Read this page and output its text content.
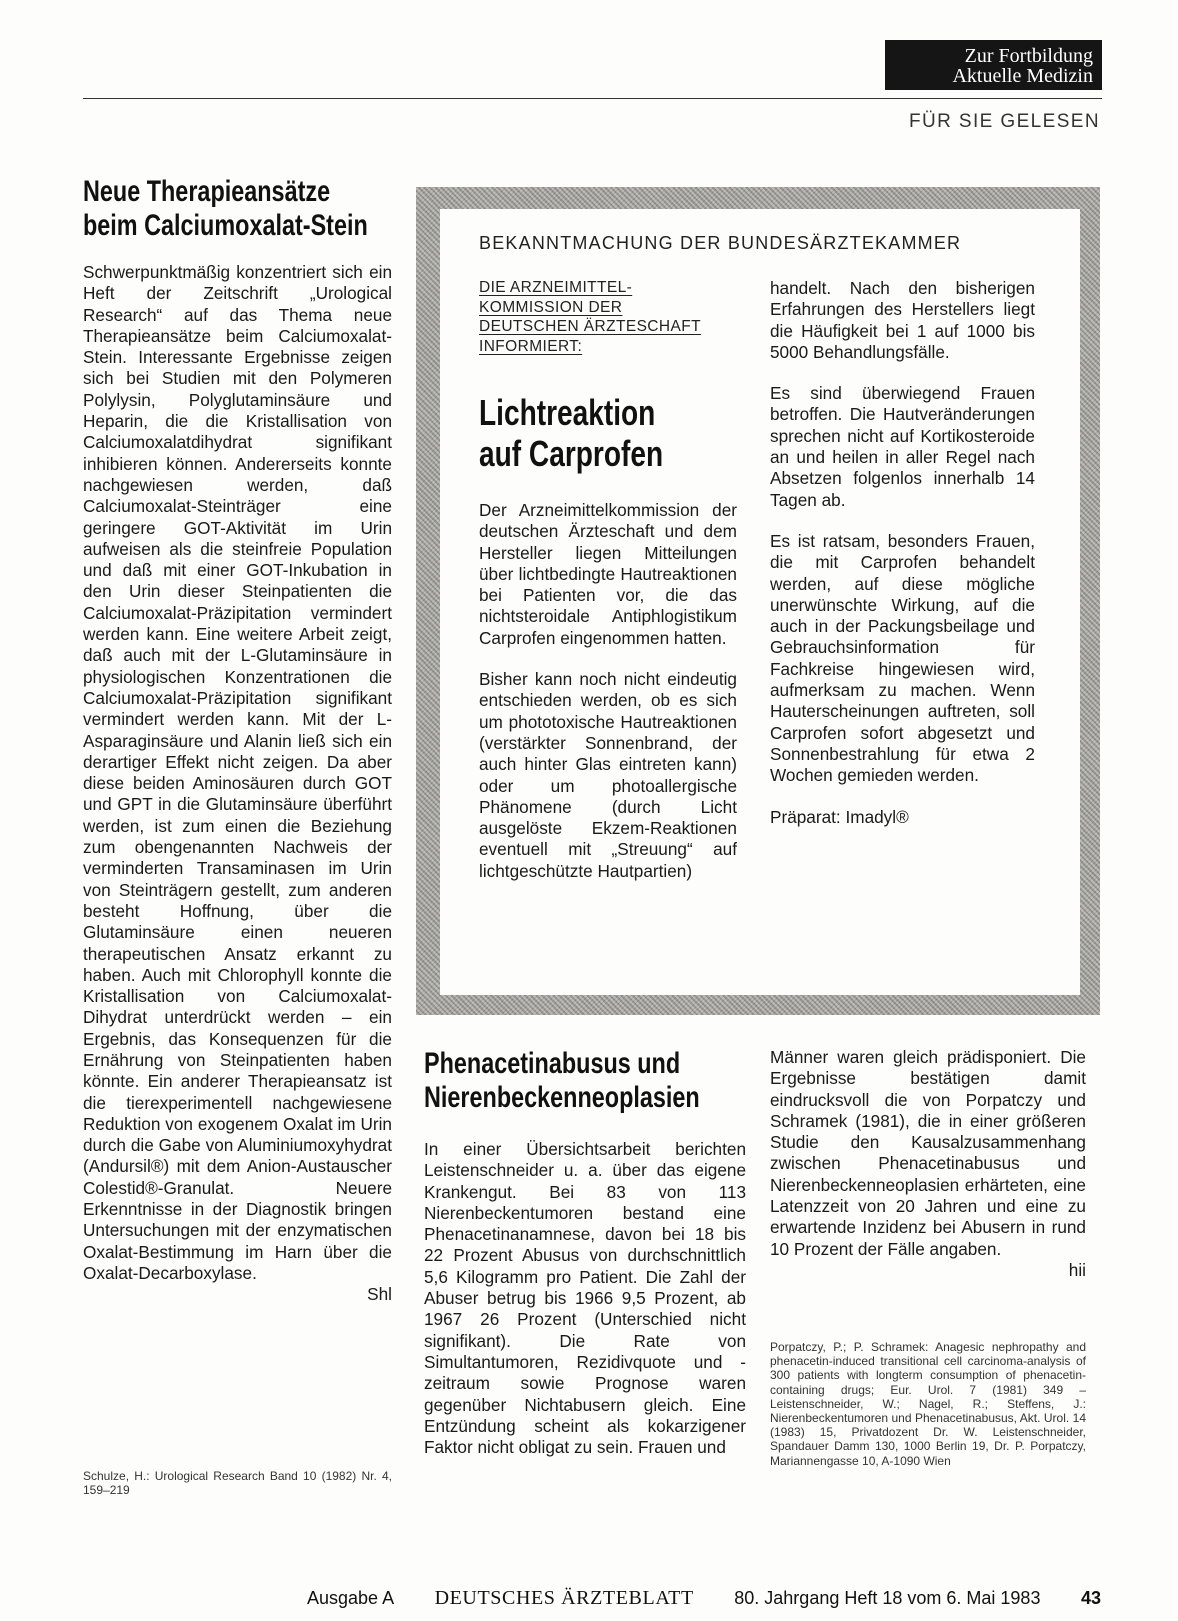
Zur Fortbildung
Aktuelle Medizin
FÜR SIE GELESEN
Neue Therapieansätze
beim Calciumoxalat-Stein

Schwerpunktmäßig konzentriert sich ein Heft der Zeitschrift „Urological Research“ auf das Thema neue Therapieansätze beim Calciumoxalat-Stein. Interessante Ergebnisse zeigen sich bei Studien mit den Polymeren Polylysin, Polyglutaminsäure und Heparin, die die Kristallisation von Calciumoxalatdihydrat signifikant inhibieren können. Andererseits konnte nachgewiesen werden, daß Calciumoxalat-Steinträger eine geringere GOT-Aktivität im Urin aufweisen als die steinfreie Population und daß mit einer GOT-Inkubation in den Urin dieser Steinpatienten die Calciumoxalat-Präzipitation vermindert werden kann. Eine weitere Arbeit zeigt, daß auch mit der L-Glutaminsäure in physiologischen Konzentrationen die Calciumoxalat-Präzipitation signifikant vermindert werden kann. Mit der L-Asparaginsäure und Alanin ließ sich ein derartiger Effekt nicht zeigen. Da aber diese beiden Aminosäuren durch GOT und GPT in die Glutaminsäure überführt werden, ist zum einen die Beziehung zum obengenannten Nachweis der verminderten Transaminasen im Urin von Steinträgern gestellt, zum anderen besteht Hoffnung, über die Glutaminsäure einen neueren therapeutischen Ansatz erkannt zu haben. Auch mit Chlorophyll konnte die Kristallisation von Calciumoxalat-Dihydrat unterdrückt werden – ein Ergebnis, das Konsequenzen für die Ernährung von Steinpatienten haben könnte. Ein anderer Therapieansatz ist die tierexperimentell nachgewiesene Reduktion von exogenem Oxalat im Urin durch die Gabe von Aluminiumoxyhydrat (Andursil®) mit dem Anion-Austauscher Colestid®-Granulat. Neuere Erkenntnisse in der Diagnostik bringen Untersuchungen mit der enzymatischen Oxalat-Bestimmung im Harn über die Oxalat-Decarboxylase.

Shl
Schulze, H.: Urological Research Band 10 (1982) Nr. 4, 159–219
BEKANNTMACHUNG DER BUNDESÄRZTEKAMMER
DIE ARZNEIMITTEL-
KOMMISSION DER
DEUTSCHEN ÄRZTESCHAFT
INFORMIERT:
Lichtreaktion
auf Carprofen

Der Arzneimittelkommission der deutschen Ärzteschaft und dem Hersteller liegen Mitteilungen über lichtbedingte Hautreaktionen bei Patienten vor, die das nichtsteroidale Antiphlogistikum Carprofen eingenommen hatten.

Bisher kann noch nicht eindeutig entschieden werden, ob es sich um phototoxische Hautreaktionen (verstärkter Sonnenbrand, der auch hinter Glas eintreten kann) oder um photoallergische Phänomene (durch Licht ausgelöste Ekzem-Reaktionen eventuell mit „Streuung“ auf lichtgeschützte Hautpartien)

handelt. Nach den bisherigen Erfahrungen des Herstellers liegt die Häufigkeit bei 1 auf 1000 bis 5000 Behandlungsfälle.

Es sind überwiegend Frauen betroffen. Die Hautveränderungen sprechen nicht auf Kortikosteroide an und heilen in aller Regel nach Absetzen folgenlos innerhalb 14 Tagen ab.

Es ist ratsam, besonders Frauen, die mit Carprofen behandelt werden, auf diese mögliche unerwünschte Wirkung, auf die auch in der Packungsbeilage und Gebrauchsinformation für Fachkreise hingewiesen wird, aufmerksam zu machen. Wenn Hauterscheinungen auftreten, soll Carprofen sofort abgesetzt und Sonnenbestrahlung für etwa 2 Wochen gemieden werden.

Präparat: Imadyl®

Phenacetinabusus und
Nierenbeckenneoplasien

In einer Übersichtsarbeit berichten Leistenschneider u. a. über das eigene Krankengut. Bei 83 von 113 Nierenbeckentumoren bestand eine Phenacetinanamnese, davon bei 18 bis 22 Prozent Abusus von durchschnittlich 5,6 Kilogramm pro Patient. Die Zahl der Abuser betrug bis 1966 9,5 Prozent, ab 1967 26 Prozent (Unterschied nicht signifikant). Die Rate von Simultantumoren, Rezidivquote und -zeitraum sowie Prognose waren gegenüber Nichtabusern gleich. Eine Entzündung scheint als kokarzigener Faktor nicht obligat zu sein. Frauen und

Männer waren gleich prädisponiert. Die Ergebnisse bestätigen damit eindrucksvoll die von Porpatczy und Schramek (1981), die in einer größeren Studie den Kausalzusammenhang zwischen Phenacetinabusus und Nierenbeckenneoplasien erhärteten, eine Latenzzeit von 20 Jahren und eine zu erwartende Inzidenz bei Abusern in rund 10 Prozent der Fälle angaben.

hii
Porpatczy, P.; P. Schramek: Anagesic nephropathy and phenacetin-induced transitional cell carcinoma-analysis of 300 patients with longterm consumption of phenacetin-containing drugs; Eur. Urol. 7 (1981) 349 – Leistenschneider, W.; Nagel, R.; Steffens, J.: Nierenbeckentumoren und Phenacetinabusus, Akt. Urol. 14 (1983) 15, Privatdozent Dr. W. Leistenschneider, Spandauer Damm 130, 1000 Berlin 19, Dr. P. Porpatczy, Mariannengasse 10, A-1090 Wien
Ausgabe A DEUTSCHES ÄRZTEBLATT 80. Jahrgang Heft 18 vom 6. Mai 1983 43
